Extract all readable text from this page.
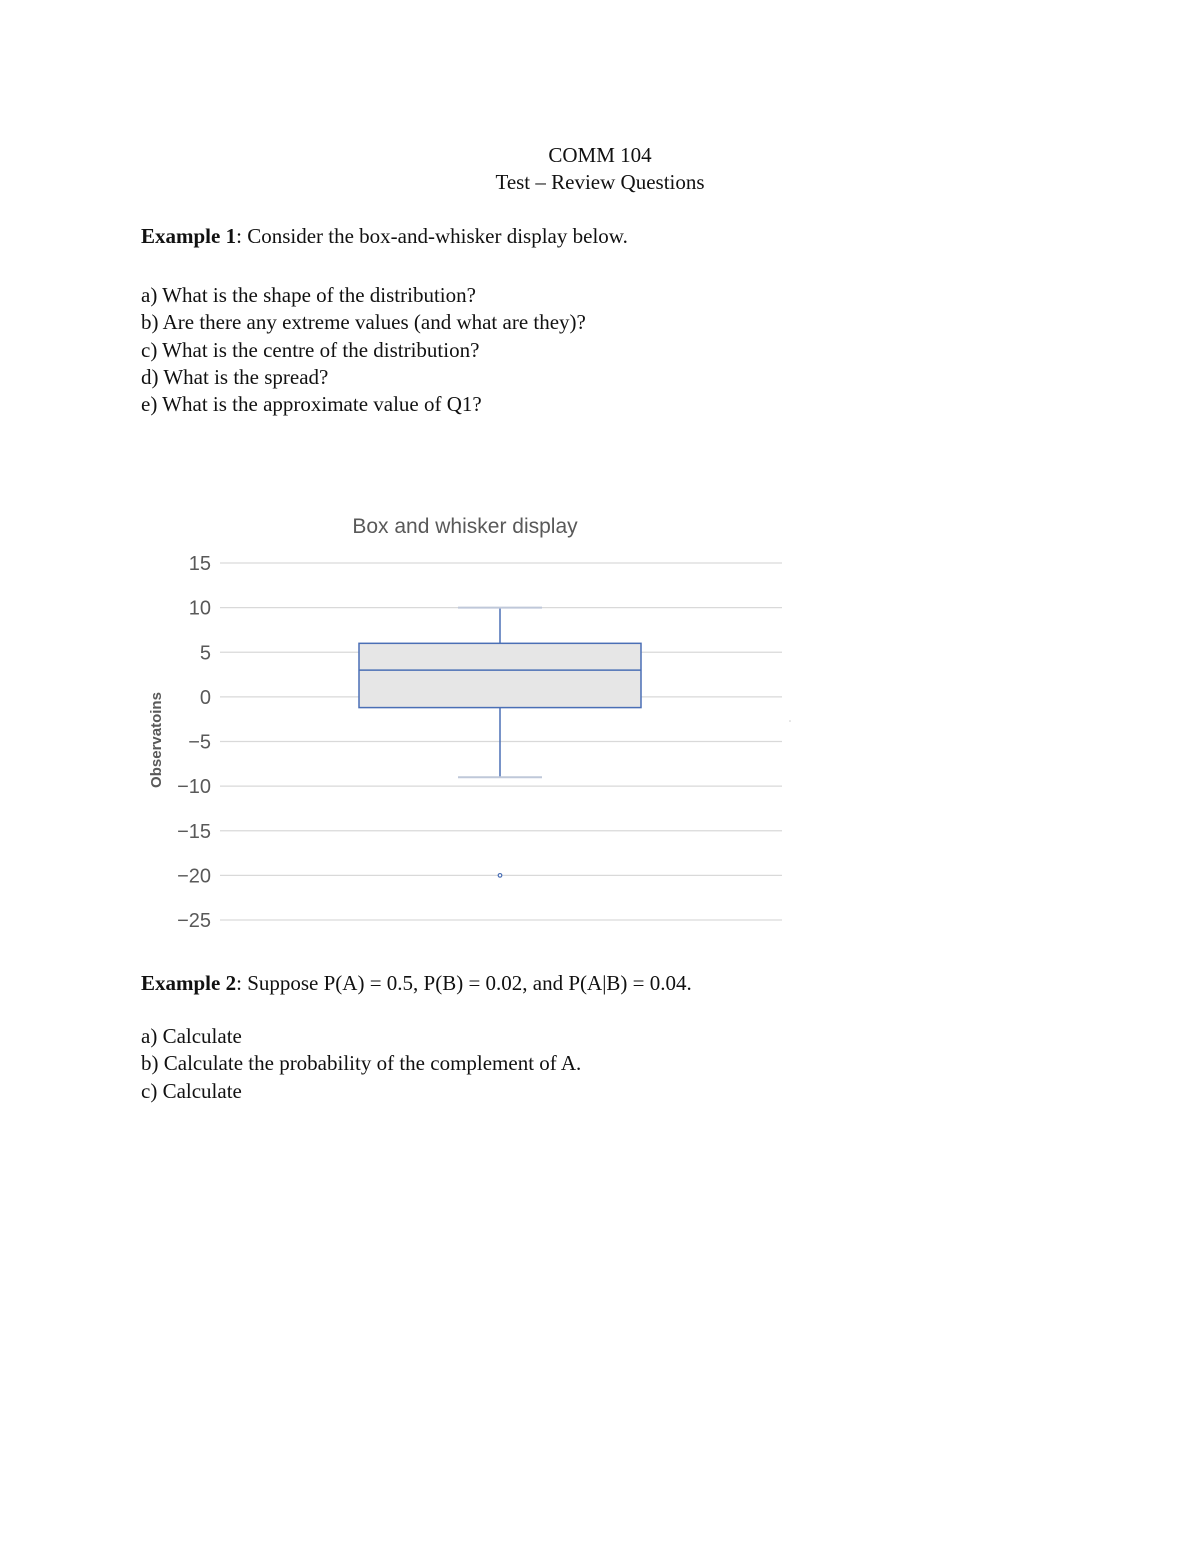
COMM 104
Test – Review Questions
Example 1: Consider the box-and-whisker display below.
a) What is the shape of the distribution?
b) Are there any extreme values (and what are they)?
c) What is the centre of the distribution?
d) What is the spread?
e) What is the approximate value of Q1?
Box and whisker display
Observatoins
15
10
5
0
−5
−10
−15
−20
−25
Example 2: Suppose P(A) = 0.5, P(B) = 0.02, and P(A|B) = 0.04.
a) Calculate
b) Calculate the probability of the complement of A.
c) Calculate
